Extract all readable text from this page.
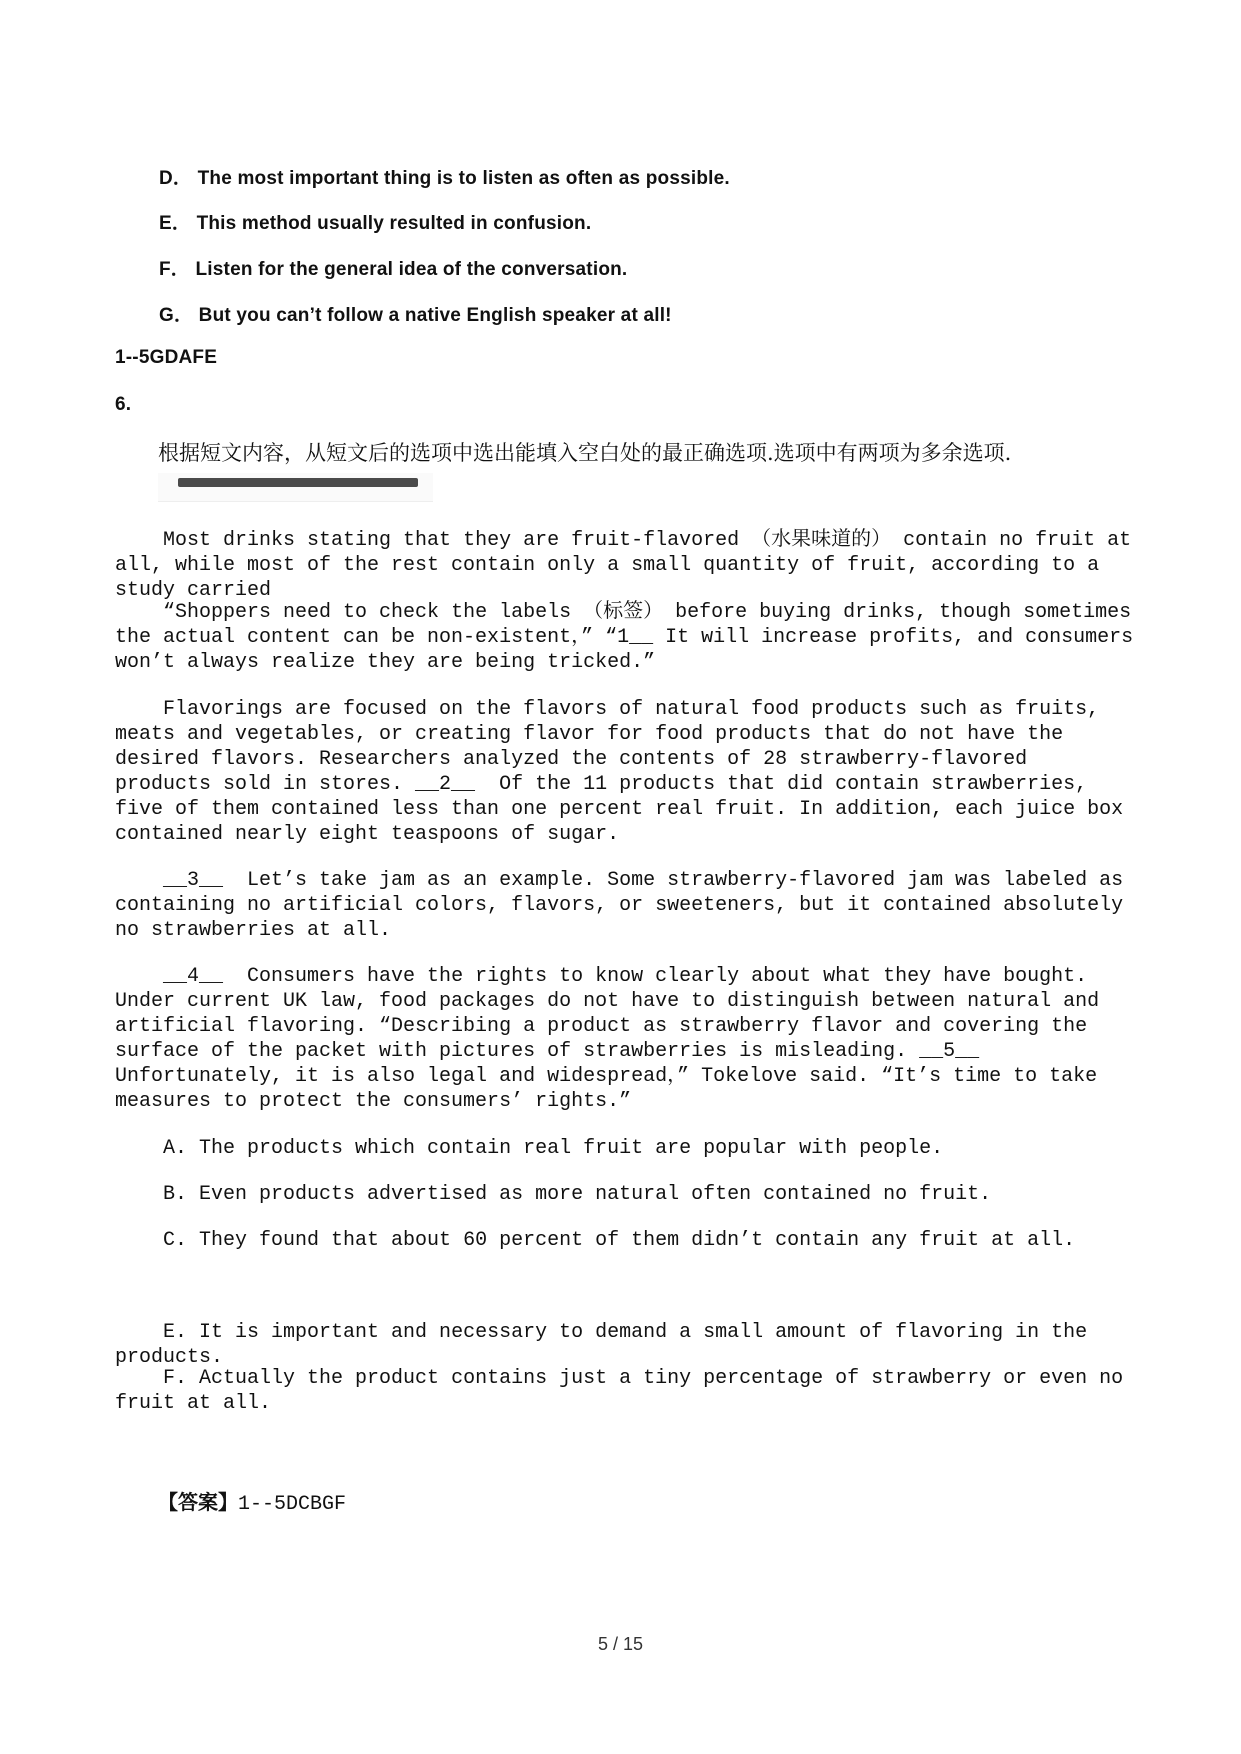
D． The most important thing is to listen as often as possible.
E． This method usually resulted in confusion.
F． Listen for the general idea of the conversation.
G． But you can’t follow a native English speaker at all!
1--5GDAFE
6.
根据短文内容，从短文后的选项中选出能填入空白处的最正确选项.选项中有两项为多余选项.

Most drinks stating that they are fruit-flavored （水果味道的） contain no fruit at all, while most of the rest contain only a small quantity of fruit, according to a study carried

“Shoppers need to check the labels （标签） before buying drinks, though sometimes the actual content can be non-existent，” “1__ It will increase profits, and consumers won’t always realize they are being tricked.”

Flavorings are focused on the flavors of natural food products such as fruits, meats and vegetables, or creating flavor for food products that do not have the desired flavors. Researchers analyzed the contents of 28 strawberry-flavored products sold in stores. __2__  Of the 11 products that did contain strawberries, five of them contained less than one percent real fruit. In addition, each juice box contained nearly eight teaspoons of sugar.

__3__  Let’s take jam as an example. Some strawberry-flavored jam was labeled as containing no artificial colors, flavors, or sweeteners, but it contained absolutely no strawberries at all.

__4__  Consumers have the rights to know clearly about what they have bought. Under current UK law, food packages do not have to distinguish between natural and artificial flavoring. “Describing a product as strawberry flavor and covering the surface of the packet with pictures of strawberries is misleading. __5__ Unfortunately, it is also legal and widespread，” Tokelove said. “It’s time to take measures to protect the consumers’ rights.”

A. The products which contain real fruit are popular with people.

B. Even products advertised as more natural often contained no fruit.

C. They found that about 60 percent of them didn’t contain any fruit at all.

E. It is important and necessary to demand a small amount of flavoring in the products.

F. Actually the product contains just a tiny percentage of strawberry or even no fruit at all.

【答案】1--5DCBGF
5 / 15
